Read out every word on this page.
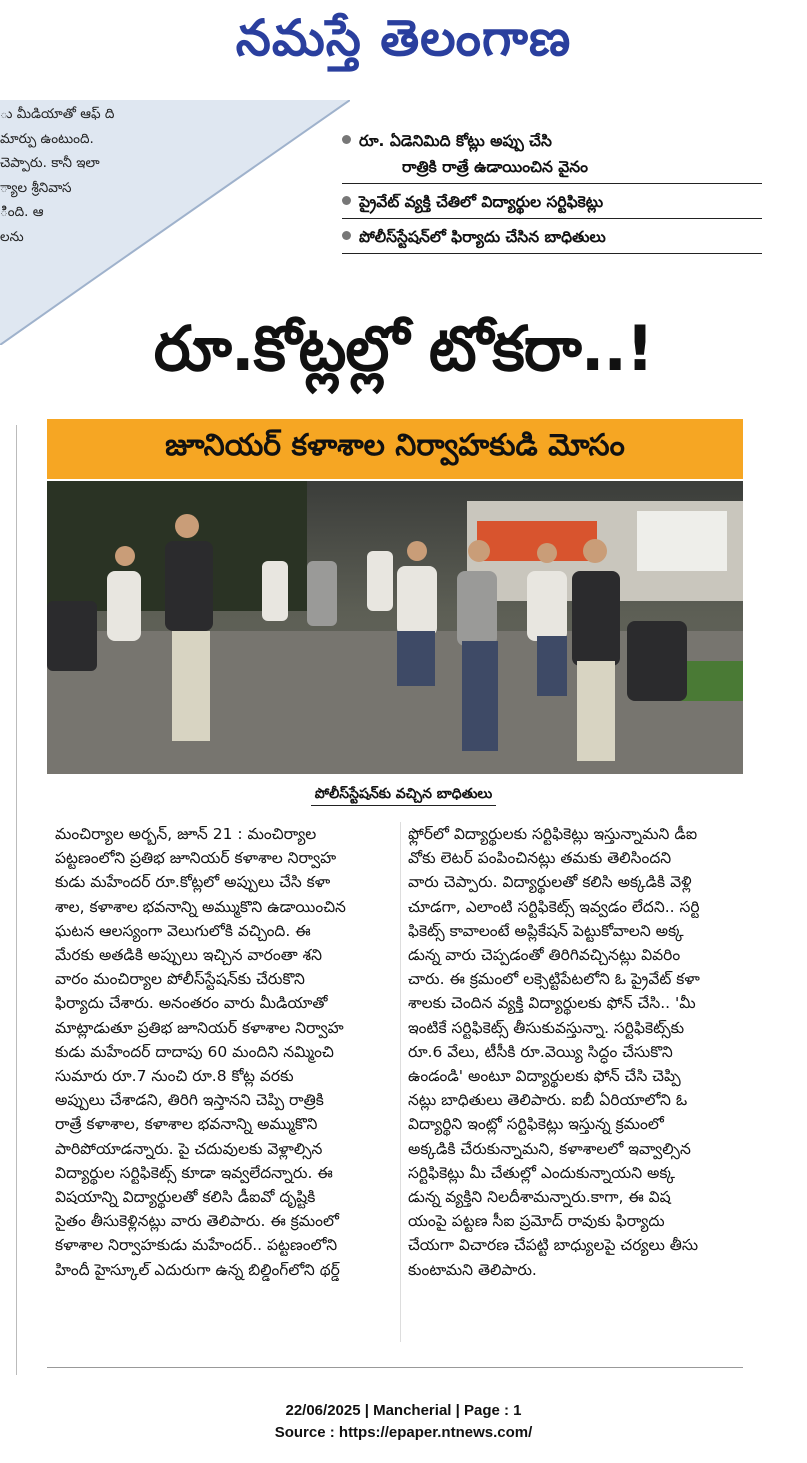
నమస్తే తెలంగాణ
ు మీడియాతో ఆఫ్ ది
మార్పు ఉంటుంది.
చెప్పారు. కానీ ఇలా
్యాల శ్రీనివాస
ిింది. ఆ
లను
రూ. ఏడెనిమిది కోట్లు అప్పు చేసి
రాత్రికి రాత్రే ఉడాయించిన వైనం
ప్రైవేట్ వ్యక్తి చేతిలో విద్యార్థుల సర్టిఫికెట్లు
పోలీస్‌స్టేషన్‌లో ఫిర్యాదు చేసిన బాధితులు
రూ.కోట్లల్లో టోకరా..!
జూనియర్ కళాశాల నిర్వాహకుడి మోసం
పోలీస్‌స్టేషన్‌కు వచ్చిన బాధితులు
మంచిర్యాల అర్బన్, జూన్ 21 : మంచిర్యాల
పట్టణంలోని ప్రతిభ జూనియర్ కళాశాల నిర్వాహ
కుడు మహేందర్ రూ.కోట్లలో అప్పులు చేసి కళా
శాల, కళాశాల భవనాన్ని అమ్ముకొని ఉడాయించిన
ఘటన ఆలస్యంగా వెలుగులోకి వచ్చింది. ఈ
మేరకు అతడికి అప్పులు ఇచ్చిన వారంతా శని
వారం మంచిర్యాల పోలీస్‌స్టేషన్‌కు చేరుకొని
ఫిర్యాదు చేశారు. అనంతరం వారు మీడియాతో
మాట్లాడుతూ ప్రతిభ జూనియర్ కళాశాల నిర్వాహ
కుడు మహేందర్ దాదాపు 60 మందిని నమ్మించి
సుమారు రూ.7 నుంచి రూ.8 కోట్ల వరకు
అప్పులు చేశాడని, తిరిగి ఇస్తానని చెప్పి రాత్రికి
రాత్రే కళాశాల, కళాశాల భవనాన్ని అమ్ముకొని
పారిపోయాడన్నారు. పై చదువులకు వెళ్లాల్సిన
విద్యార్థుల సర్టిఫికెట్స్ కూడా ఇవ్వలేదన్నారు. ఈ
విషయాన్ని విద్యార్థులతో కలిసి డీఐవో దృష్టికి
సైతం తీసుకెళ్లినట్లు వారు తెలిపారు. ఈ క్రమంలో
కళాశాల నిర్వాహకుడు మహేందర్.. పట్టణంలోని
హిందీ హైస్కూల్ ఎదురుగా ఉన్న బిల్డింగ్‌లోని థర్డ్
ఫ్లోర్‌లో విద్యార్థులకు సర్టిఫికెట్లు ఇస్తున్నామని డీఐ
వోకు లెటర్ పంపించినట్లు తమకు తెలిసిందని
వారు చెప్పారు. విద్యార్థులతో కలిసి అక్కడికి వెళ్లి
చూడగా, ఎలాంటి సర్టిఫికెట్స్ ఇవ్వడం లేదని.. సర్టి
ఫికెట్స్ కావాలంటే అప్లికేషన్ పెట్టుకోవాలని అక్క
డున్న వారు చెప్పడంతో తిరిగివచ్చినట్లు వివరిం
చారు. ఈ క్రమంలో లక్సెట్టిపేటలోని ఓ ప్రైవేట్ కళా
శాలకు చెందిన వ్యక్తి విద్యార్థులకు ఫోన్ చేసి.. 'మీ
ఇంటికే సర్టిఫికెట్స్ తీసుకువస్తున్నా. సర్టిఫికెట్స్‌కు
రూ.6 వేలు, టీసీకి రూ.వెయ్యి సిద్ధం చేసుకొని
ఉండండి' అంటూ విద్యార్థులకు ఫోన్ చేసి చెప్పి
నట్లు బాధితులు తెలిపారు. ఐబీ ఏరియాలోని ఓ
విద్యార్థిని ఇంట్లో సర్టిఫికెట్లు ఇస్తున్న క్రమంలో
అక్కడికి చేరుకున్నామని, కళాశాలలో ఇవ్వాల్సిన
సర్టిఫికెట్లు మీ చేతుల్లో ఎందుకున్నాయని అక్క
డున్న వ్యక్తిని నిలదీశామన్నారు.కాగా, ఈ విష
యంపై పట్టణ సీఐ ప్రమోద్ రావుకు ఫిర్యాదు
చేయగా విచారణ చేపట్టి బాధ్యులపై చర్యలు తీసు
కుంటామని తెలిపారు.
22/06/2025 | Mancherial | Page : 1
Source : https://epaper.ntnews.com/
